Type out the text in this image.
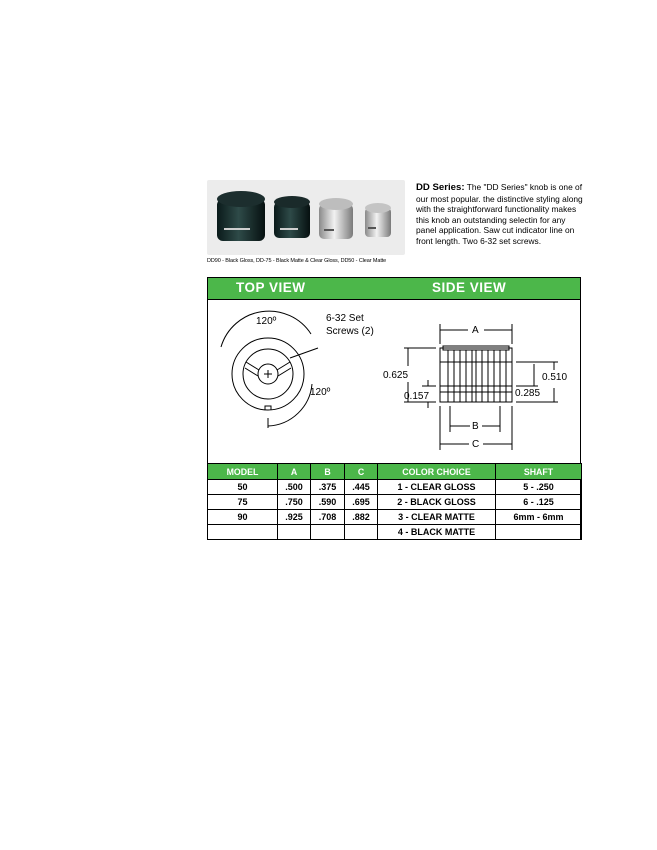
DD90 - Black Gloss, DD-75 - Black Matte & Clear Gloss, DD50 - Clear Matte
DD Series: The "DD Series" knob is one of our most popular. the distinctive styling along with the straightforward functionality makes this knob an outstanding selectin for any panel application. Saw cut indicator line on front length. Two 6-32 set screws.
TOP VIEW	SIDE VIEW
120º	6-32 Set
Screws (2)
120º
A
B
C
0.625
0.157
0.510
0.285
MODEL	A	B	C	COLOR CHOICE	SHAFT
50	.500	.375	.445	1 - CLEAR GLOSS	5 - .250
75	.750	.590	.695	2 - BLACK GLOSS	6 - .125
90	.925	.708	.882	3 - CLEAR MATTE	6mm - 6mm
				4 - BLACK MATTE	
